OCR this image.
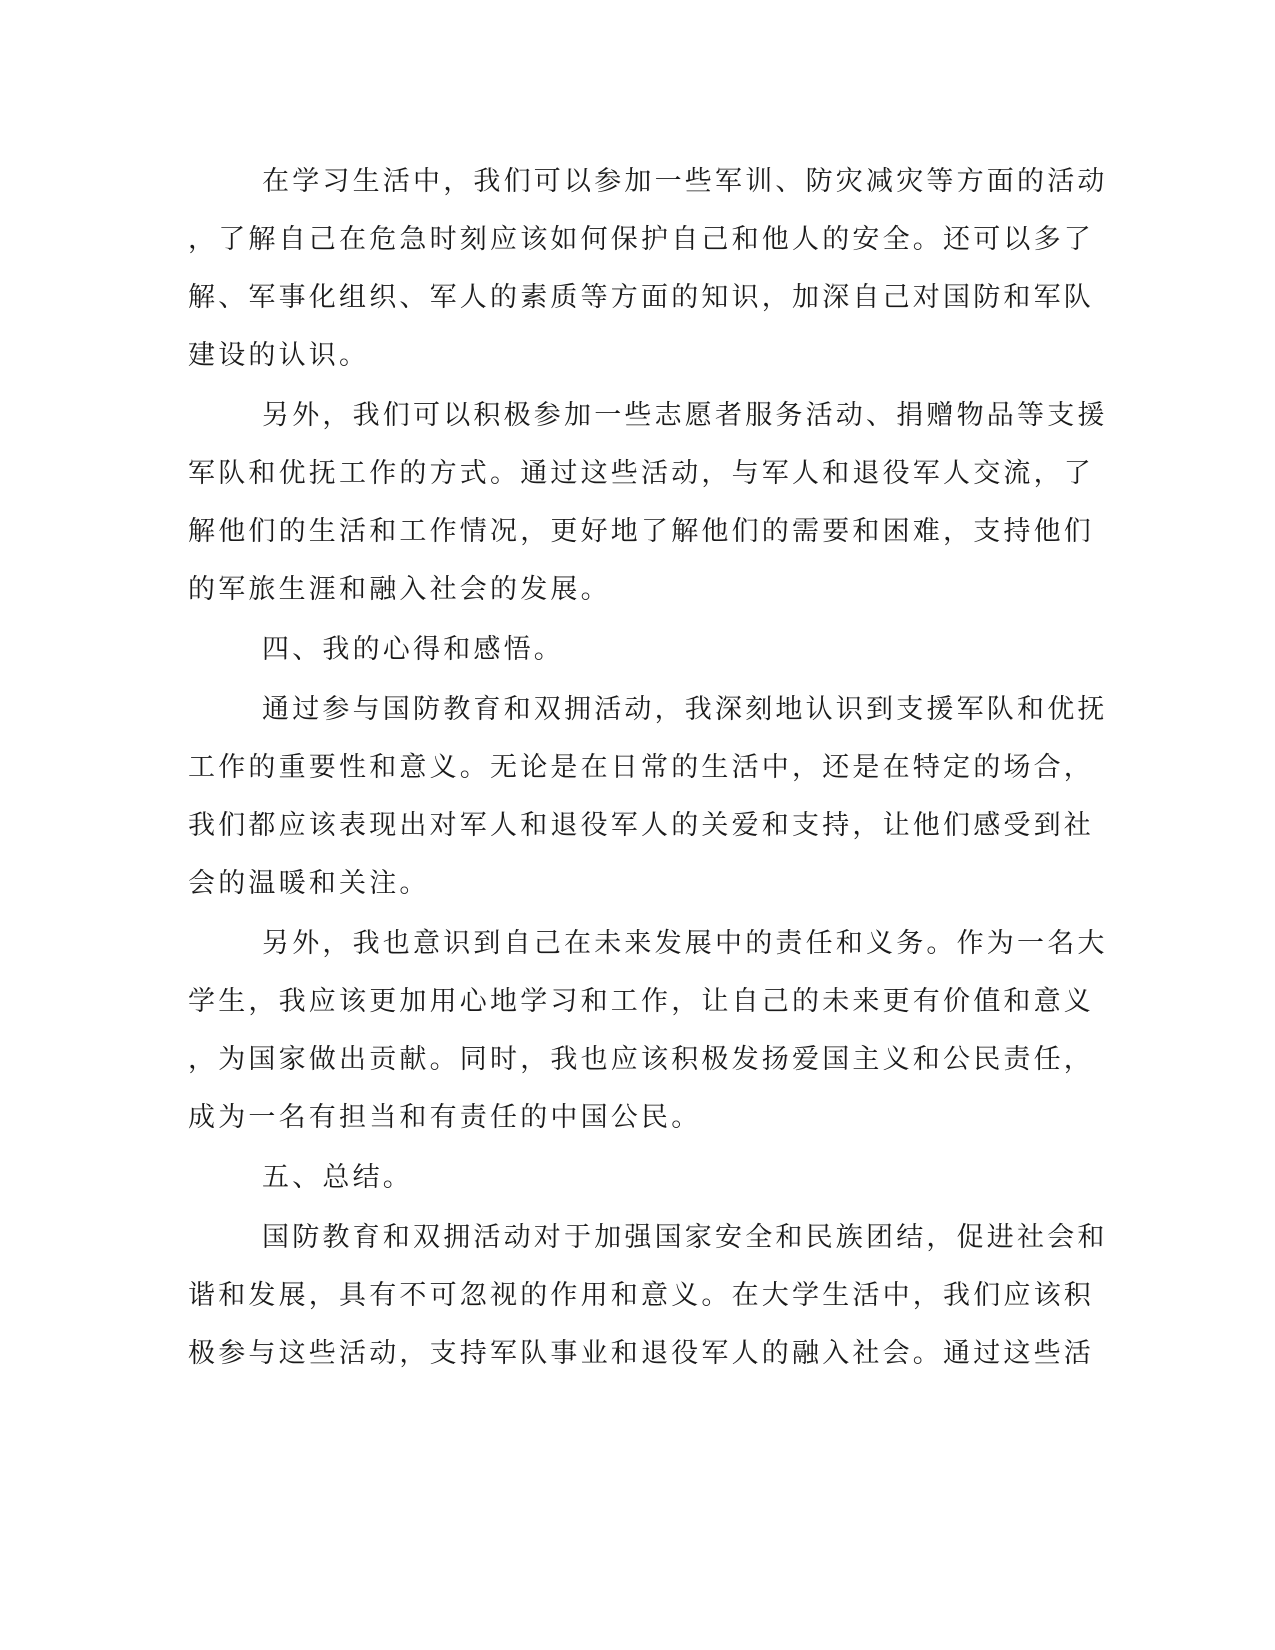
在学习生活中，我们可以参加一些军训、防灾减灾等方面的活动
，了解自己在危急时刻应该如何保护自己和他人的安全。还可以多了
解、军事化组织、军人的素质等方面的知识，加深自己对国防和军队
建设的认识。
另外，我们可以积极参加一些志愿者服务活动、捐赠物品等支援
军队和优抚工作的方式。通过这些活动，与军人和退役军人交流，了
解他们的生活和工作情况，更好地了解他们的需要和困难，支持他们
的军旅生涯和融入社会的发展。
四、我的心得和感悟。
通过参与国防教育和双拥活动，我深刻地认识到支援军队和优抚
工作的重要性和意义。无论是在日常的生活中，还是在特定的场合，
我们都应该表现出对军人和退役军人的关爱和支持，让他们感受到社
会的温暖和关注。
另外，我也意识到自己在未来发展中的责任和义务。作为一名大
学生，我应该更加用心地学习和工作，让自己的未来更有价值和意义
，为国家做出贡献。同时，我也应该积极发扬爱国主义和公民责任，
成为一名有担当和有责任的中国公民。
五、总结。
国防教育和双拥活动对于加强国家安全和民族团结，促进社会和
谐和发展，具有不可忽视的作用和意义。在大学生活中，我们应该积
极参与这些活动，支持军队事业和退役军人的融入社会。通过这些活
